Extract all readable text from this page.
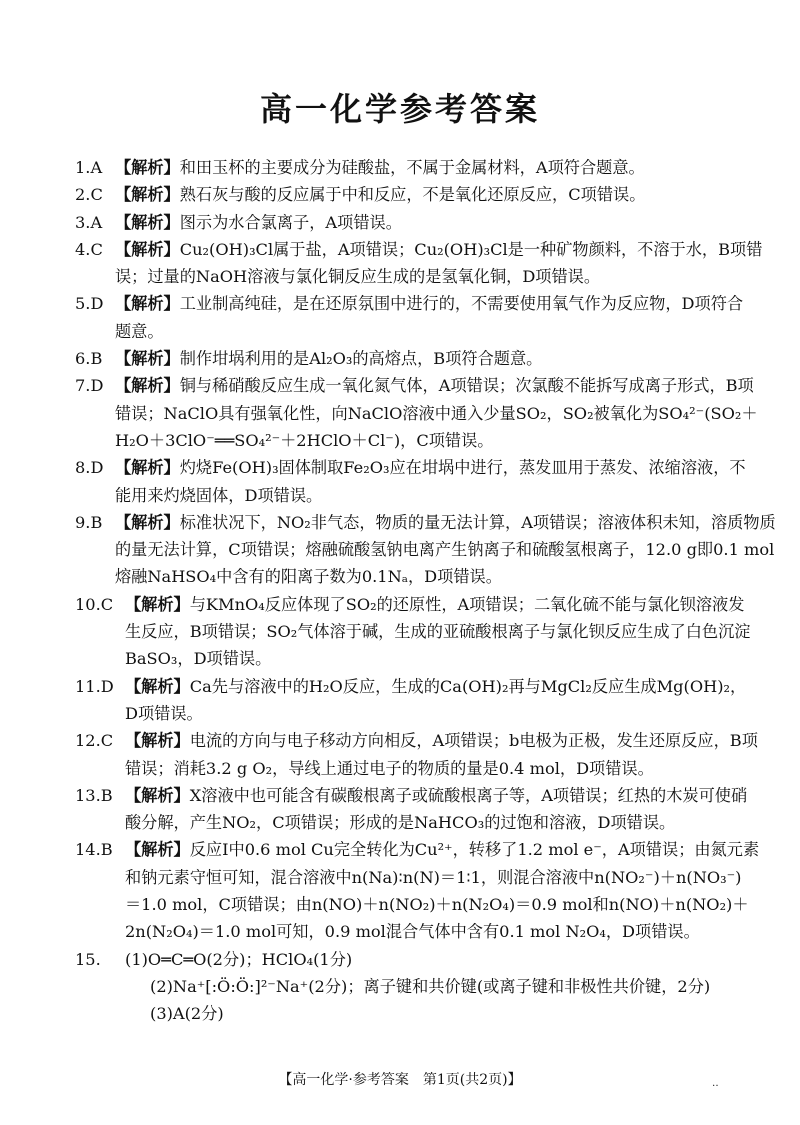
高一化学参考答案
1.A 【解析】和田玉杯的主要成分为硅酸盐，不属于金属材料，A项符合题意。
2.C 【解析】熟石灰与酸的反应属于中和反应，不是氧化还原反应，C项错误。
3.A 【解析】图示为水合氯离子，A项错误。
4.C 【解析】Cu₂(OH)₃Cl属于盐，A项错误；Cu₂(OH)₃Cl是一种矿物颜料，不溶于水，B项错
误；过量的NaOH溶液与氯化铜反应生成的是氢氧化铜，D项错误。
5.D 【解析】工业制高纯硅，是在还原氛围中进行的，不需要使用氧气作为反应物，D项符合
题意。
6.B 【解析】制作坩埚利用的是Al₂O₃的高熔点，B项符合题意。
7.D 【解析】铜与稀硝酸反应生成一氧化氮气体，A项错误；次氯酸不能拆写成离子形式，B项
错误；NaClO具有强氧化性，向NaClO溶液中通入少量SO₂，SO₂被氧化为SO₄²⁻(SO₂＋
H₂O＋3ClO⁻══SO₄²⁻＋2HClO＋Cl⁻)，C项错误。
8.D 【解析】灼烧Fe(OH)₃固体制取Fe₂O₃应在坩埚中进行，蒸发皿用于蒸发、浓缩溶液，不
能用来灼烧固体，D项错误。
9.B 【解析】标准状况下，NO₂非气态，物质的量无法计算，A项错误；溶液体积未知，溶质物质
的量无法计算，C项错误；熔融硫酸氢钠电离产生钠离子和硫酸氢根离子，12.0 g即0.1 mol
熔融NaHSO₄中含有的阳离子数为0.1Nₐ，D项错误。
10.C 【解析】与KMnO₄反应体现了SO₂的还原性，A项错误；二氧化硫不能与氯化钡溶液发
生反应，B项错误；SO₂气体溶于碱，生成的亚硫酸根离子与氯化钡反应生成了白色沉淀
BaSO₃，D项错误。
11.D 【解析】Ca先与溶液中的H₂O反应，生成的Ca(OH)₂再与MgCl₂反应生成Mg(OH)₂，
D项错误。
12.C 【解析】电流的方向与电子移动方向相反，A项错误；b电极为正极，发生还原反应，B项
错误；消耗3.2 g O₂，导线上通过电子的物质的量是0.4 mol，D项错误。
13.B 【解析】X溶液中也可能含有碳酸根离子或硫酸根离子等，A项错误；红热的木炭可使硝
酸分解，产生NO₂，C项错误；形成的是NaHCO₃的过饱和溶液，D项错误。
14.B 【解析】反应Ⅰ中0.6 mol Cu完全转化为Cu²⁺，转移了1.2 mol e⁻，A项错误；由氮元素
和钠元素守恒可知，混合溶液中n(Na)∶n(N)＝1∶1，则混合溶液中n(NO₂⁻)＋n(NO₃⁻)
＝1.0 mol，C项错误；由n(NO)＋n(NO₂)＋n(N₂O₄)＝0.9 mol和n(NO)＋n(NO₂)＋
2n(N₂O₄)＝1.0 mol可知，0.9 mol混合气体中含有0.1 mol N₂O₄，D项错误。
15. (1)O═C═O(2分)；HClO₄(1分)
(2)Na⁺[:Ö:Ö:]²⁻Na⁺(2分)；离子键和共价键(或离子键和非极性共价键，2分)
(3)A(2分)
【高一化学·参考答案　第1页(共2页)】	‥
